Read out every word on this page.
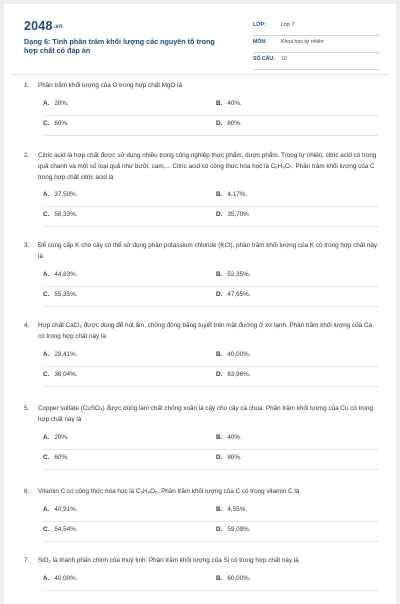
2048.vn
Dạng 6: Tính phần trăm khối lượng các nguyên tố trong hợp chất có đáp án
LỚP:	Lớp 7
MÔN:	Khoa học tự nhiên
SỐ CÂU: 10
1. Phần trăm khối lượng của O trong hợp chất MgO là
A. 20%.	B. 40%.
C. 60%.	D. 80%.
2. Citric acid là hợp chất được sử dụng nhiều trong công nghiệp thực phẩm, dược phẩm. Trong tự nhiên, citric acid có trong quả chanh và một số loại quả như bưởi, cam,... Citric acid có công thức hóa học là C₆H₈O₇. Phần trăm khối lượng của C trong hợp chất citric acid là
A. 37,50%.	B. 4,17%.
C. 58,33%.	D. 35,70%
3. Để cung cấp K cho cây có thể sử dụng phân potassium chloride (KCl), phần trăm khối lượng của K có trong hợp chất này là
A. 44,83%.	B. 52,35%.
C. 55,35%.	D. 47,65%.
4. Hợp chất CaCl₂ được dùng để hút ẩm, chống đóng băng tuyết trên mặt đường ở xứ lạnh. Phần trăm khối lượng của Ca có trong hợp chất này là
A. 29,41%.	B. 40,00%.
C. 36,04%.	D. 63,96%.
5. Copper sulfate (CuSO₄) được dùng làm chất chống xoăn lá cây cho cây cà chua. Phần trăm khối lượng của Cu có trong hợp chất này là
A. 20%.	B. 40%.
C. 60%.	D. 80%.
6. Vitamin C có công thức hóa học là C₆H₈O₆. Phần trăm khối lượng của C có trong vitamin C là
A. 40,91%.	B. 4,55%.
C. 54,54%.	D. 59,09%.
7. SiO₂ là thành phần chính của thuỷ tinh. Phần trăm khối lượng của Si có trong hợp chất này là
A. 40,00%.	B. 60,00%.
